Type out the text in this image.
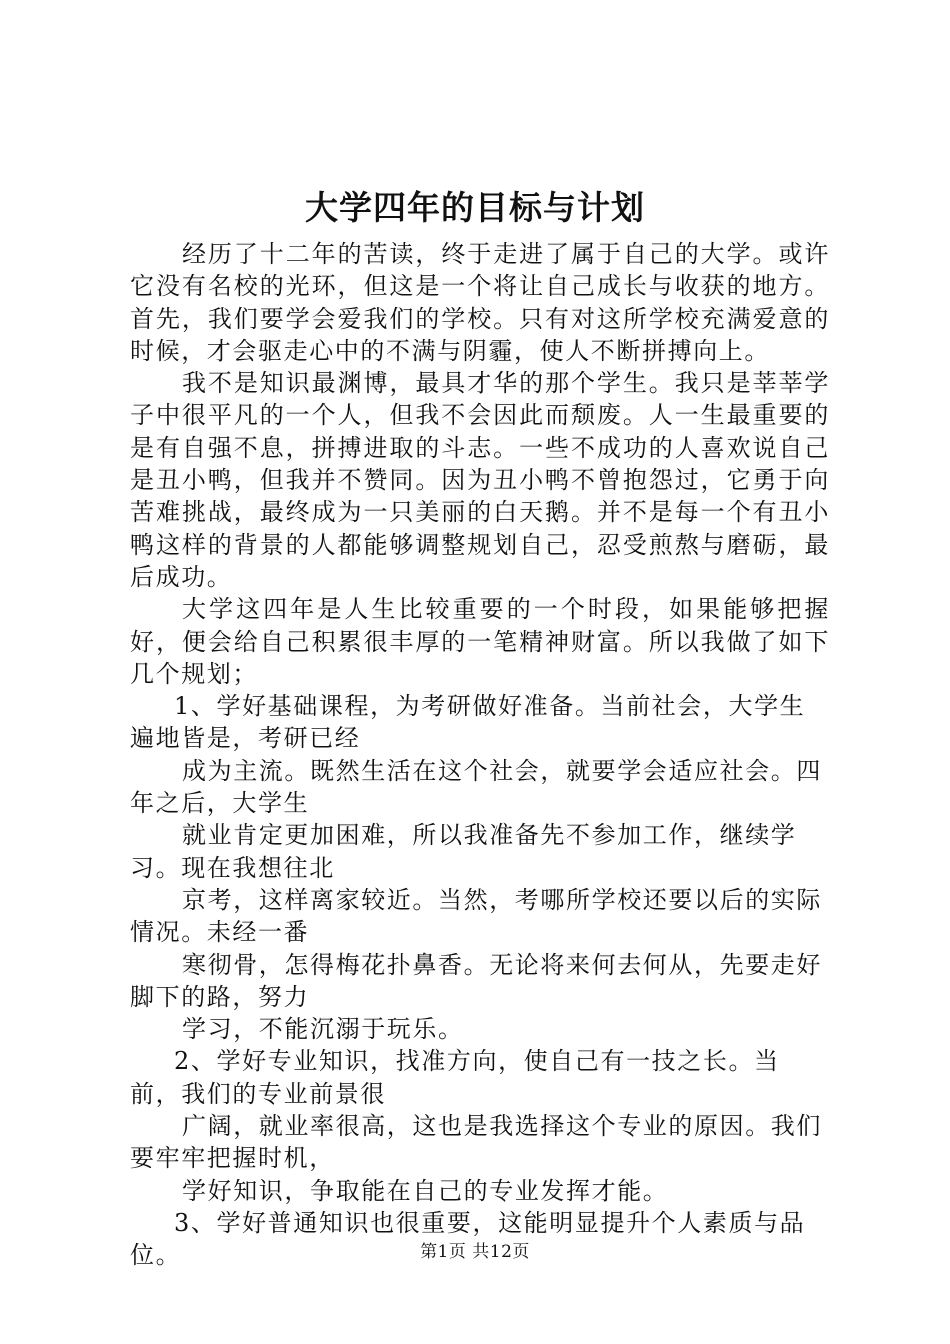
大学四年的目标与计划

经历了十二年的苦读，终于走进了属于自己的大学。或许它没有名校的光环，但这是一个将让自己成长与收获的地方。首先，我们要学会爱我们的学校。只有对这所学校充满爱意的时候，才会驱走心中的不满与阴霾，使人不断拼搏向上。

我不是知识最渊博，最具才华的那个学生。我只是莘莘学子中很平凡的一个人，但我不会因此而颓废。人一生最重要的是有自强不息，拼搏进取的斗志。一些不成功的人喜欢说自己是丑小鸭，但我并不赞同。因为丑小鸭不曾抱怨过，它勇于向苦难挑战，最终成为一只美丽的白天鹅。并不是每一个有丑小鸭这样的背景的人都能够调整规划自己，忍受煎熬与磨砺，最后成功。

大学这四年是人生比较重要的一个时段，如果能够把握好，便会给自己积累很丰厚的一笔精神财富。所以我做了如下几个规划；

1、学好基础课程，为考研做好准备。当前社会，大学生遍地皆是，考研已经

成为主流。既然生活在这个社会，就要学会适应社会。四年之后，大学生

就业肯定更加困难，所以我准备先不参加工作，继续学习。现在我想往北

京考，这样离家较近。当然，考哪所学校还要以后的实际情况。未经一番

寒彻骨，怎得梅花扑鼻香。无论将来何去何从，先要走好脚下的路，努力

学习，不能沉溺于玩乐。

2、学好专业知识，找准方向，使自己有一技之长。当前，我们的专业前景很

广阔，就业率很高，这也是我选择这个专业的原因。我们要牢牢把握时机，

学好知识，争取能在自己的专业发挥才能。

3、学好普通知识也很重要，这能明显提升个人素质与品位。	第1页 共12页
